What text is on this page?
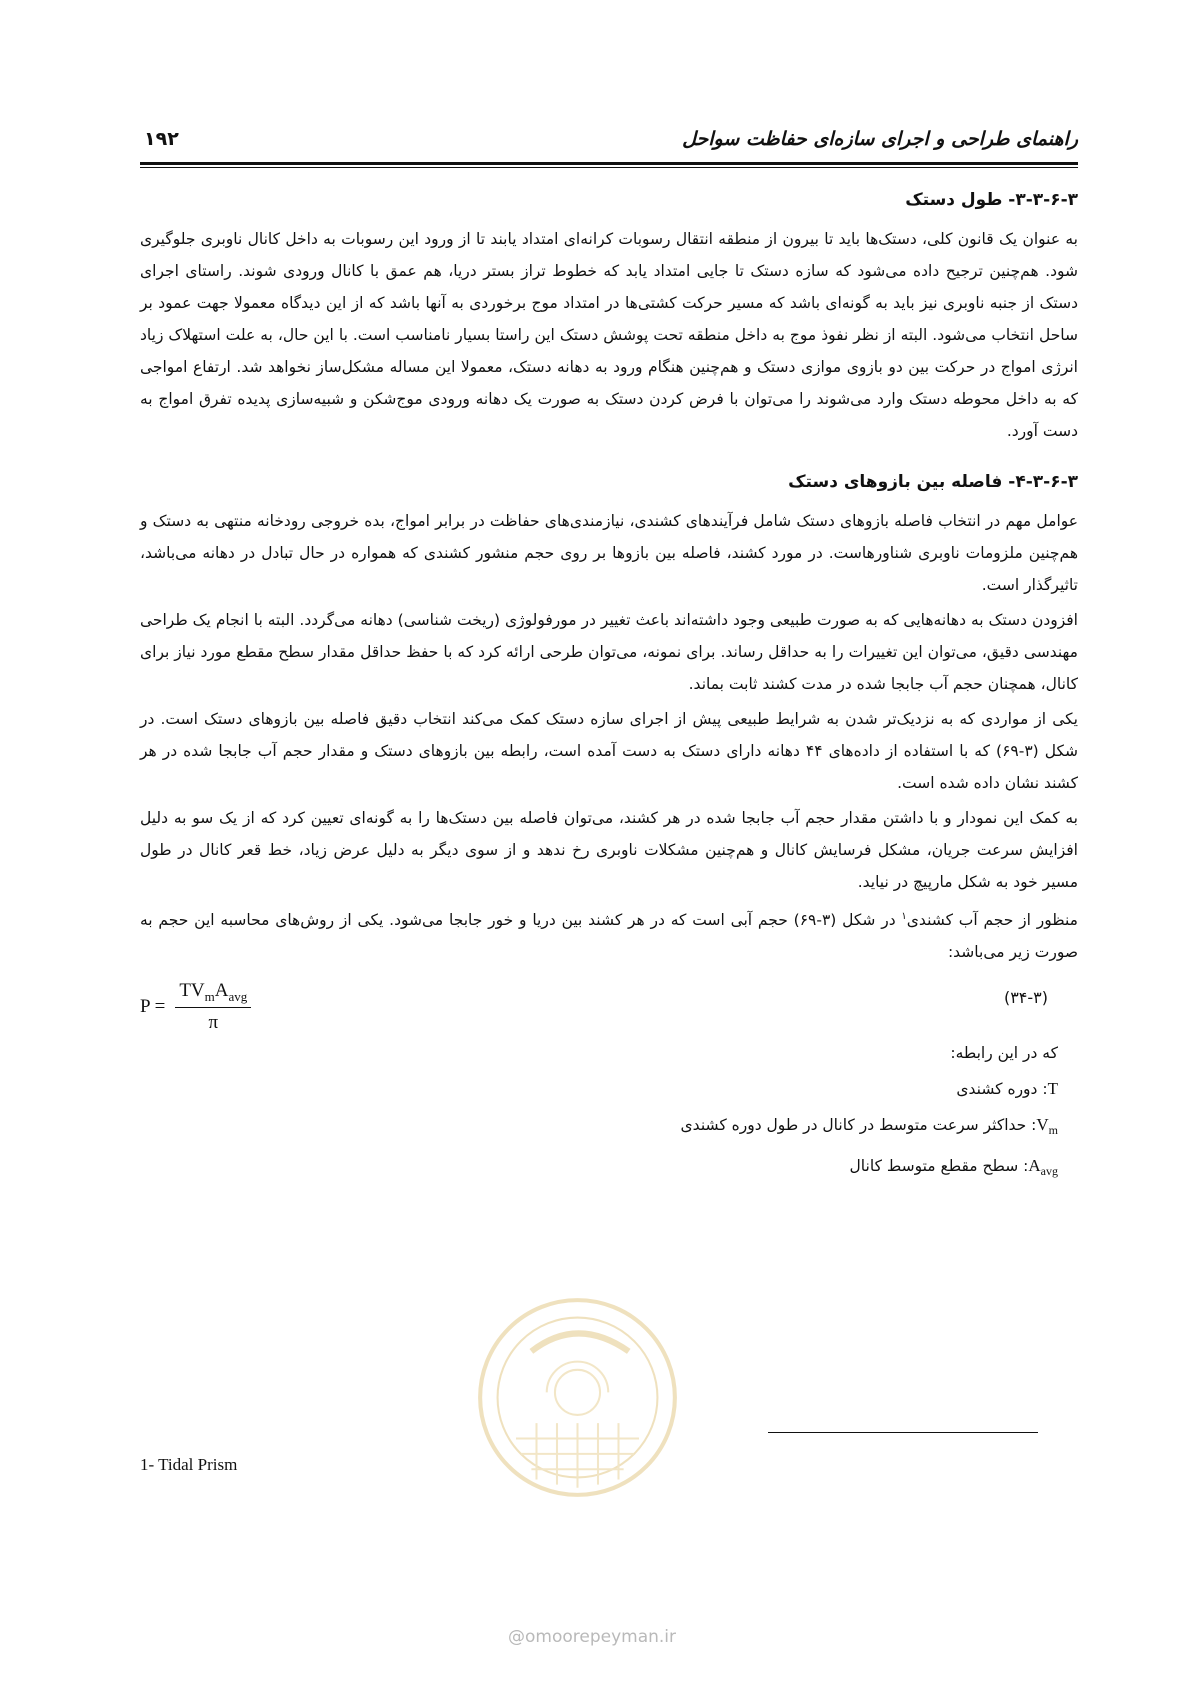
راهنمای طراحی و اجرای سازه‌ای حفاظت سواحل
۱۹۲
۳-۳-۶-۳- طول دستک

به عنوان یک قانون کلی، دستک‌ها باید تا بیرون از منطقه انتقال رسوبات کرانه‌ای امتداد یابند تا از ورود این رسوبات به داخل کانال ناوبری جلوگیری شود. هم‌چنین ترجیح داده می‌شود که سازه دستک تا جایی امتداد یابد که خطوط تراز بستر دریا، هم عمق با کانال ورودی شوند. راستای اجرای دستک از جنبه ناوبری نیز باید به گونه‌ای باشد که مسیر حرکت کشتی‌ها در امتداد موج برخوردی به آنها باشد که از این دیدگاه معمولا جهت عمود بر ساحل انتخاب می‌شود. البته از نظر نفوذ موج به داخل منطقه تحت پوشش دستک این راستا بسیار نامناسب است. با این حال، به علت استهلاک زیاد انرژی امواج در حرکت بین دو بازوی موازی دستک و هم‌چنین هنگام ورود به دهانه دستک، معمولا این مساله مشکل‌ساز نخواهد شد. ارتفاع امواجی که به داخل محوطه دستک وارد می‌شوند را می‌توان با فرض کردن دستک به صورت یک دهانه ورودی موج‌شکن و شبیه‌سازی پدیده تفرق امواج به دست آورد.

۴-۳-۶-۳- فاصله بین بازوهای دستک

عوامل مهم در انتخاب فاصله بازوهای دستک شامل فرآیندهای کشندی، نیازمندی‌های حفاظت در برابر امواج، بده خروجی رودخانه منتهی به دستک و هم‌چنین ملزومات ناوبری شناورهاست. در مورد کشند، فاصله بین بازوها بر روی حجم منشور کشندی که همواره در حال تبادل در دهانه می‌باشد، تاثیرگذار است.

افزودن دستک به دهانه‌هایی که به صورت طبیعی وجود داشته‌اند باعث تغییر در مورفولوژی (ریخت شناسی) دهانه می‌گردد. البته با انجام یک طراحی مهندسی دقیق، می‌توان این تغییرات را به حداقل رساند. برای نمونه، می‌توان طرحی ارائه کرد که با حفظ حداقل مقدار سطح مقطع مورد نیاز برای کانال، همچنان حجم آب جابجا شده در مدت کشند ثابت بماند.

یکی از مواردی که به نزدیک‌تر شدن به شرایط طبیعی پیش از اجرای سازه دستک کمک می‌کند انتخاب دقیق فاصله بین بازوهای دستک است. در شکل (۳-۶۹) که با استفاده از داده‌های ۴۴ دهانه دارای دستک به دست آمده است، رابطه بین بازوهای دستک و مقدار حجم آب جابجا شده در هر کشند نشان داده شده است.

به کمک این نمودار و با داشتن مقدار حجم آب جابجا شده در هر کشند، می‌توان فاصله بین دستک‌ها را به گونه‌ای تعیین کرد که از یک سو به دلیل افزایش سرعت جریان، مشکل فرسایش کانال و هم‌چنین مشکلات ناوبری رخ ندهد و از سوی دیگر به دلیل عرض زیاد، خط قعر کانال در طول مسیر خود به شکل مارپیچ در نیاید.

منظور از حجم آب کشندی$^۱$ در شکل (۳-۶۹) حجم آبی است که در هر کشند بین دریا و خور جابجا می‌شود. یکی از روش‌های محاسبه این حجم به صورت زیر می‌باشد:

$P = \frac{TV_mA_{avg}}{\pi}$	(۳۴-۳)
که در این رابطه:
T: دوره کشندی
$V_m$: حداکثر سرعت متوسط در کانال در طول دوره کشندی
$A_{avg}$: سطح مقطع متوسط کانال
1- Tidal Prism
@omoorepeyman.ir
